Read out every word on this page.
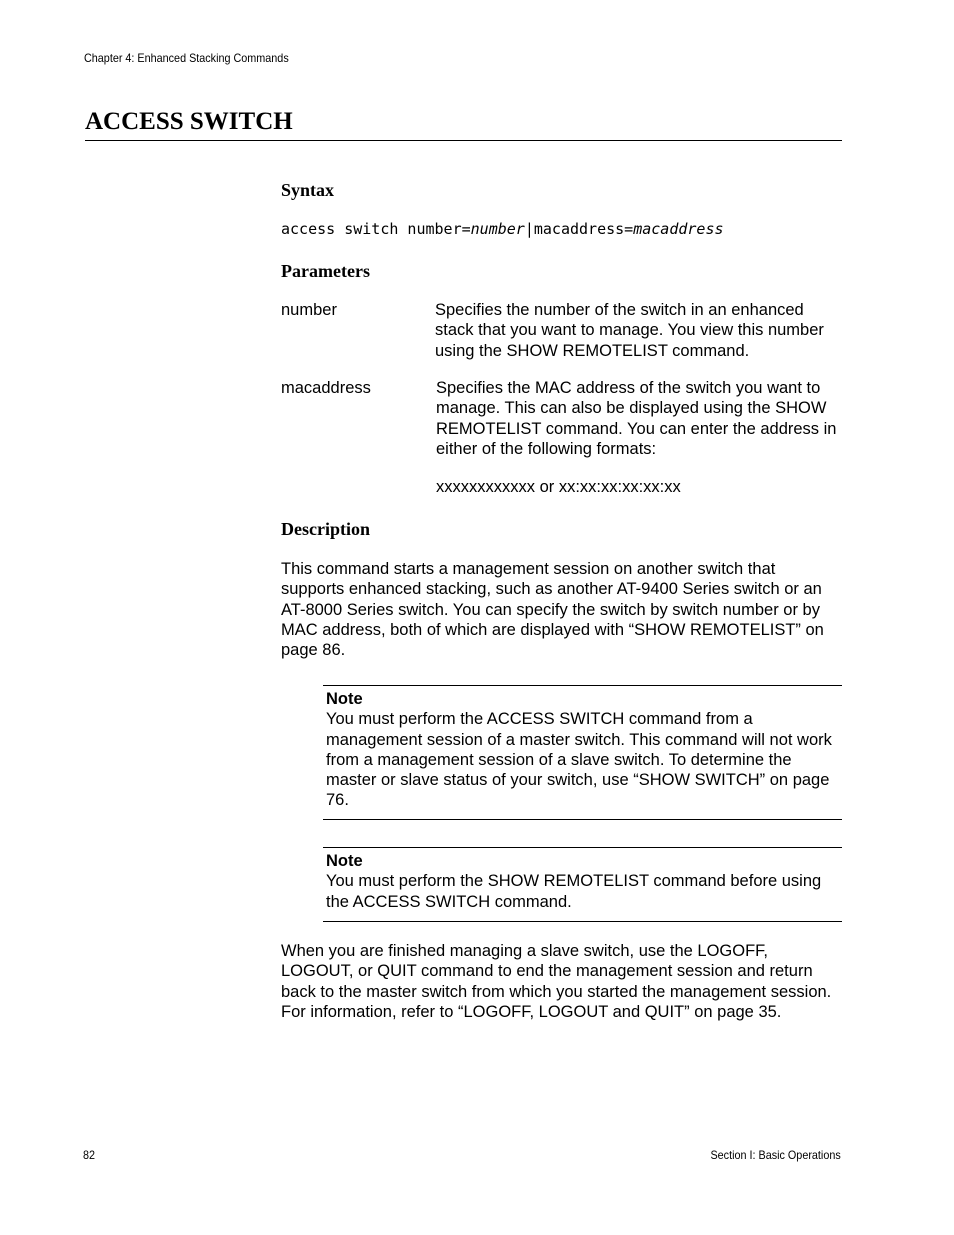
Chapter 4: Enhanced Stacking Commands
ACCESS SWITCH
Syntax
access switch number=number|macaddress=macaddress
Parameters
number	Specifies the number of the switch in an enhanced stack that you want to manage. You view this number using the SHOW REMOTELIST command.
macaddress	Specifies the MAC address of the switch you want to manage. This can also be displayed using the SHOW REMOTELIST command. You can enter the address in either of the following formats:
xxxxxxxxxxxx or xx:xx:xx:xx:xx:xx
Description
This command starts a management session on another switch that supports enhanced stacking, such as another AT-9400 Series switch or an AT-8000 Series switch. You can specify the switch by switch number or by MAC address, both of which are displayed with “SHOW REMOTELIST” on page 86.
Note
You must perform the ACCESS SWITCH command from a management session of a master switch. This command will not work from a management session of a slave switch. To determine the master or slave status of your switch, use “SHOW SWITCH” on page 76.
Note
You must perform the SHOW REMOTELIST command before using the ACCESS SWITCH command.
When you are finished managing a slave switch, use the LOGOFF, LOGOUT, or QUIT command to end the management session and return back to the master switch from which you started the management session. For information, refer to “LOGOFF, LOGOUT and QUIT” on page 35.
82	Section I: Basic Operations
